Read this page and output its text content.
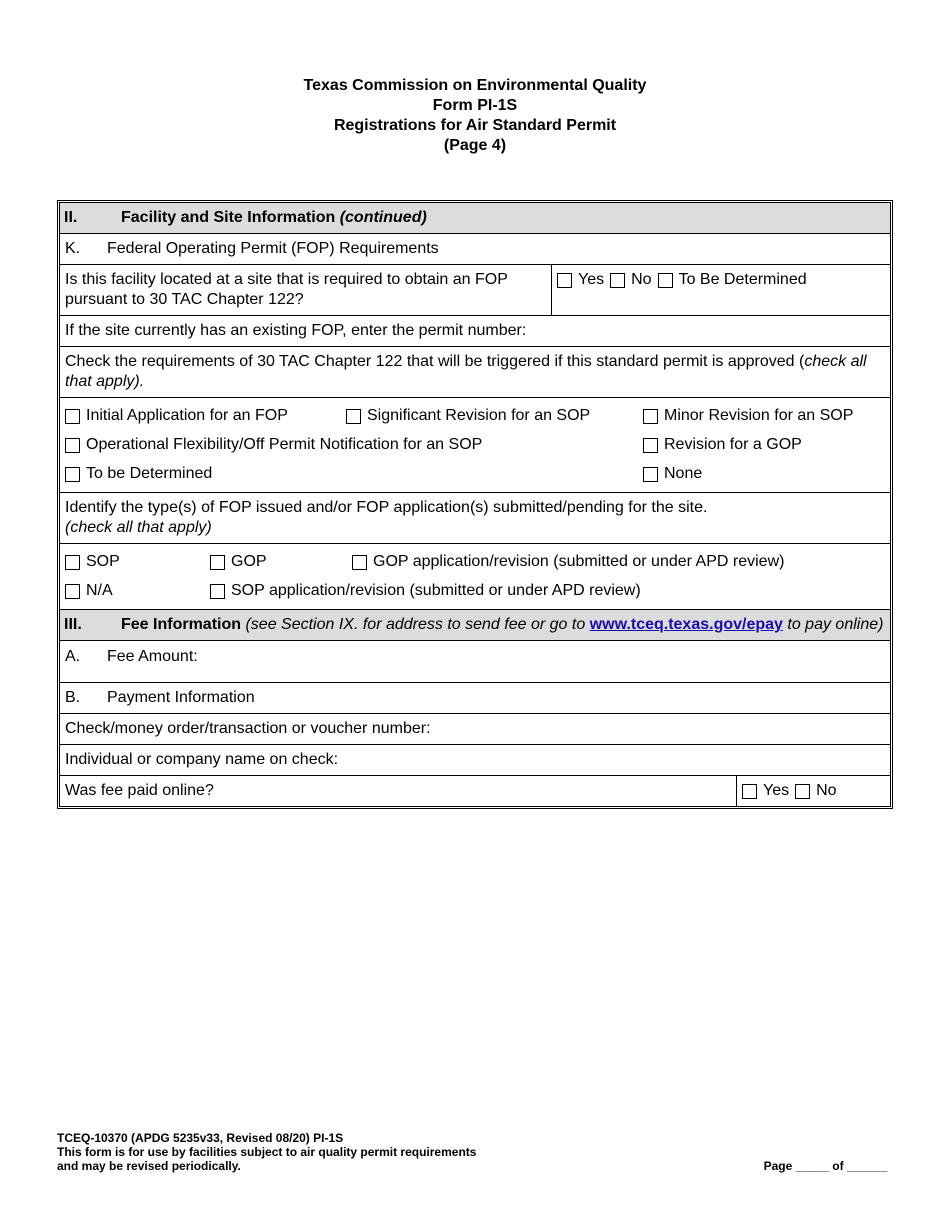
Texas Commission on Environmental Quality
Form PI-1S
Registrations for Air Standard Permit
(Page 4)
II.	Facility and Site Information (continued)
K.	Federal Operating Permit (FOP) Requirements
Is this facility located at a site that is required to obtain an FOP pursuant to 30 TAC Chapter 122?
Yes No To Be Determined
If the site currently has an existing FOP, enter the permit number:
Check the requirements of 30 TAC Chapter 122 that will be triggered if this standard permit is approved (check all that apply).
Initial Application for an FOP	Significant Revision for an SOP	Minor Revision for an SOP
Operational Flexibility/Off Permit Notification for an SOP	Revision for a GOP
To be Determined	None
Identify the type(s) of FOP issued and/or FOP application(s) submitted/pending for the site.
(check all that apply)
SOP	GOP	GOP application/revision (submitted or under APD review)
N/A	SOP application/revision (submitted or under APD review)
III.	Fee Information (see Section IX. for address to send fee or go to www.tceq.texas.gov/epay to pay online)
A.	Fee Amount:
B.	Payment Information
Check/money order/transaction or voucher number:
Individual or company name on check:
Was fee paid online?	Yes No
TCEQ-10370 (APDG 5235v33, Revised 08/20) PI-1S
This form is for use by facilities subject to air quality permit requirements
and may be revised periodically.	Page _____ of ______
